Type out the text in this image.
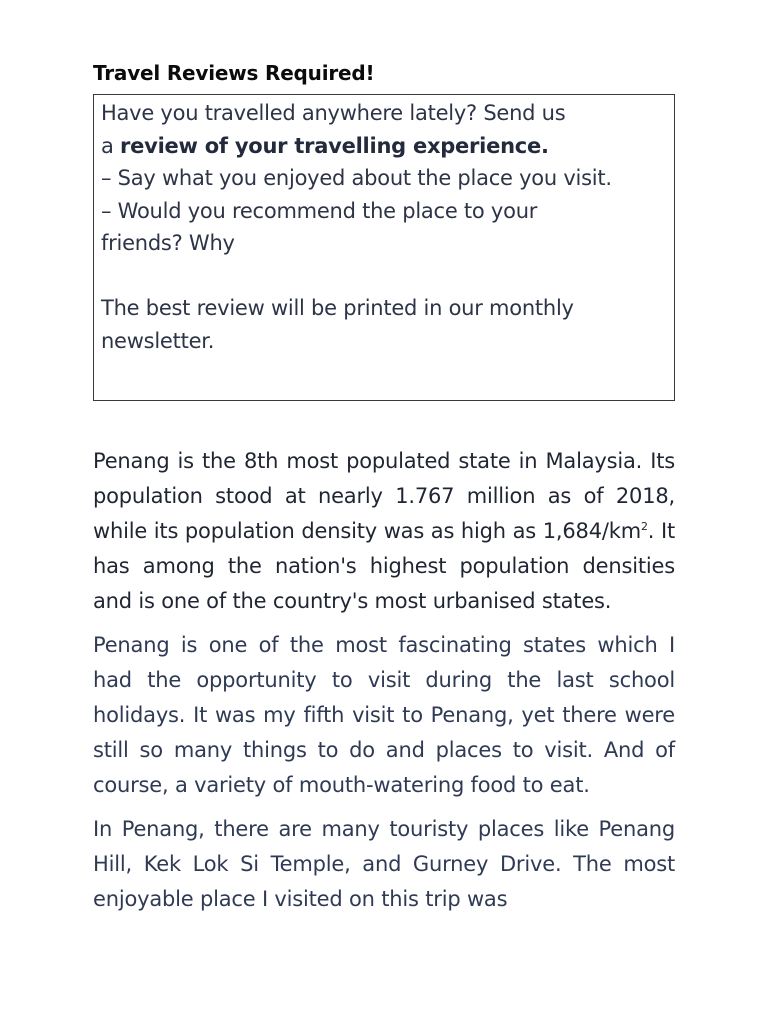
Travel Reviews Required!
Have you travelled anywhere lately? Send us
a review of your travelling experience.
– Say what you enjoyed about the place you visit.
– Would you recommend the place to your
friends? Why
The best review will be printed in our monthly
newsletter.

Penang is the 8th most populated state in Malaysia. Its population stood at nearly 1.767 million as of 2018, while its population density was as high as $1,684/km^2$. It has among the nation's highest population densities and is one of the country's most urbanised states.

Penang is one of the most fascinating states which I had the opportunity to visit during the last school holidays. It was my fifth visit to Penang, yet there were still so many things to do and places to visit. And of course, a variety of mouth-watering food to eat.

In Penang, there are many touristy places like Penang Hill, Kek Lok Si Temple, and Gurney Drive. The most enjoyable place I visited on this trip was
